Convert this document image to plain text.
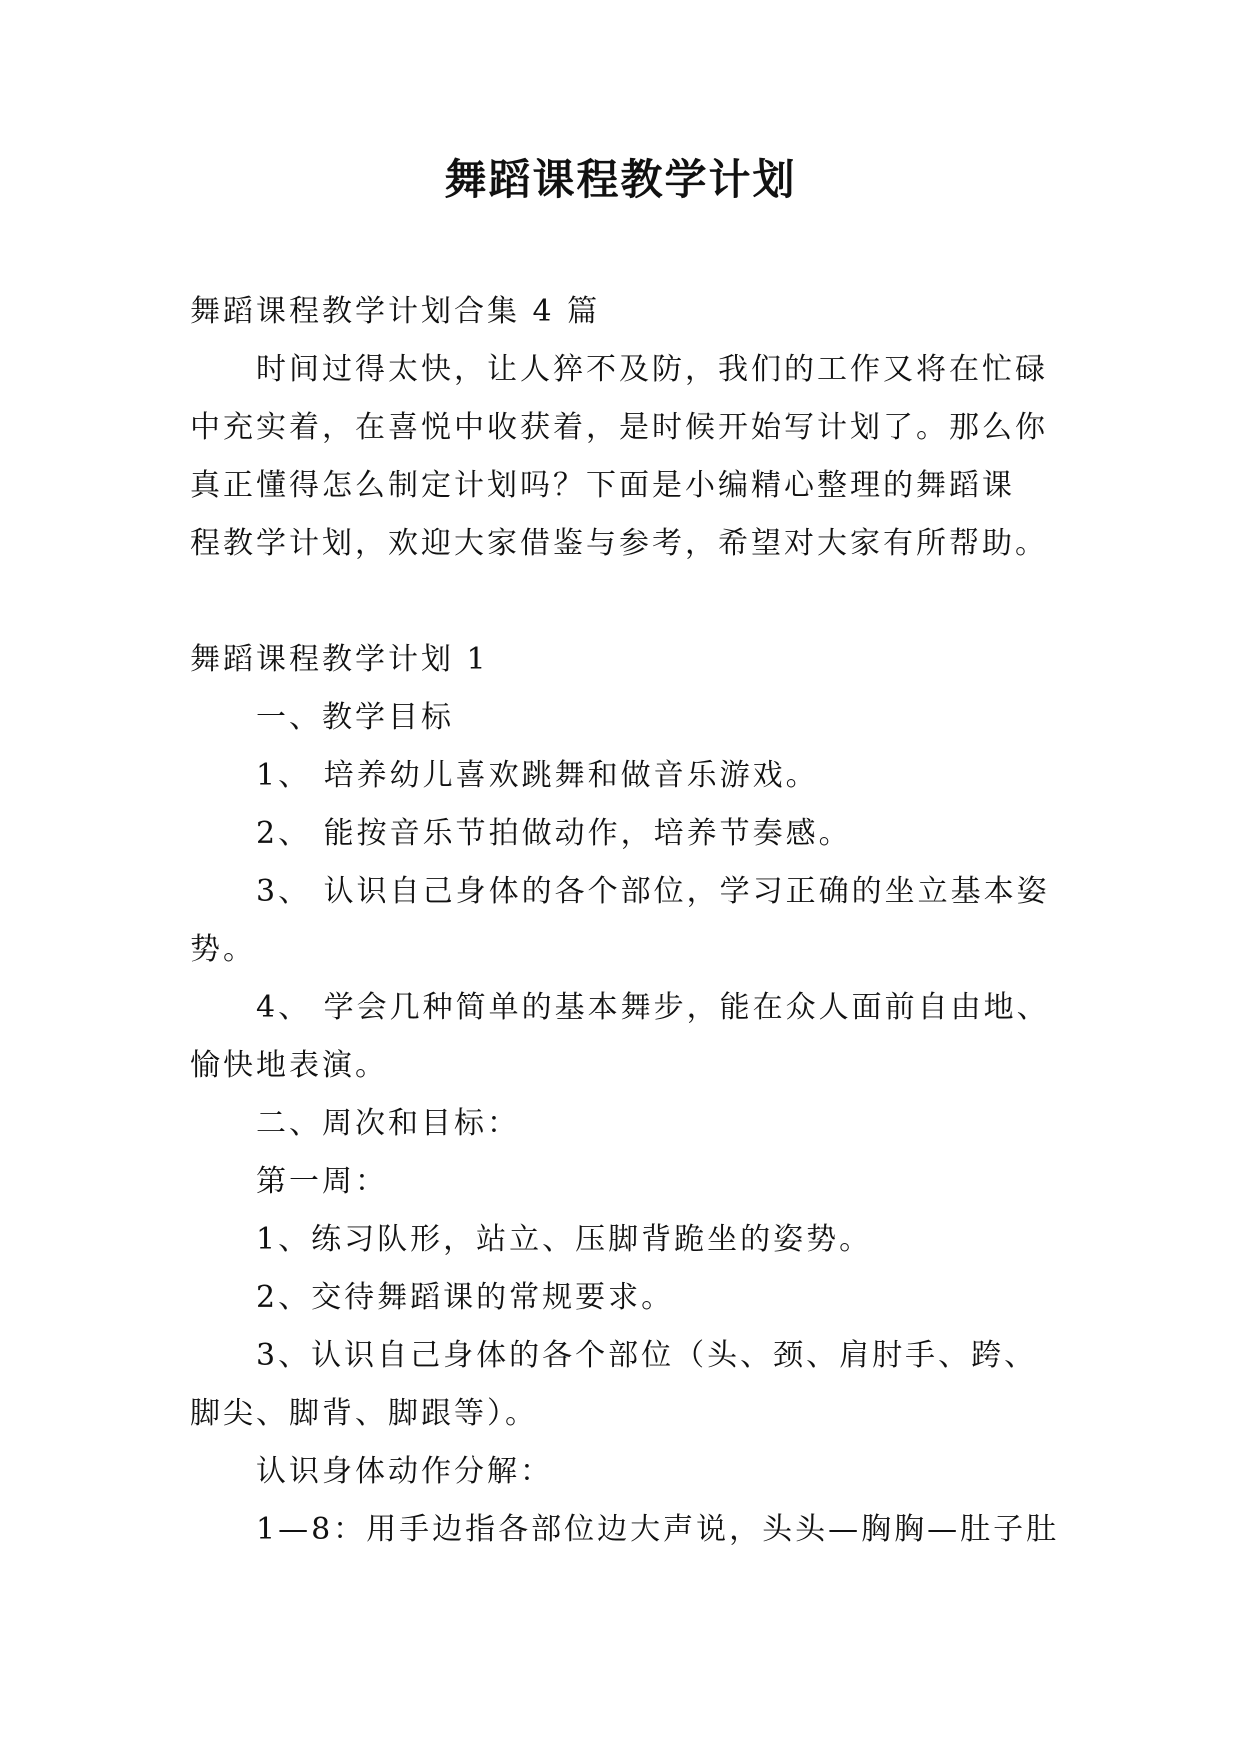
舞蹈课程教学计划
舞蹈课程教学计划合集 4 篇
时间过得太快，让人猝不及防，我们的工作又将在忙碌
中充实着，在喜悦中收获着，是时候开始写计划了。那么你
真正懂得怎么制定计划吗？下面是小编精心整理的舞蹈课
程教学计划，欢迎大家借鉴与参考，希望对大家有所帮助。
舞蹈课程教学计划 1
一、教学目标
1、 培养幼儿喜欢跳舞和做音乐游戏。
2、 能按音乐节拍做动作，培养节奏感。
3、 认识自己身体的各个部位，学习正确的坐立基本姿
势。
4、 学会几种简单的基本舞步，能在众人面前自由地、
愉快地表演。
二、周次和目标：
第一周：
1、练习队形，站立、压脚背跪坐的姿势。
2、交待舞蹈课的常规要求。
3、认识自己身体的各个部位（头、颈、肩肘手、跨、
脚尖、脚背、脚跟等）。
认识身体动作分解：
1—8：用手边指各部位边大声说，头头—胸胸—肚子肚
